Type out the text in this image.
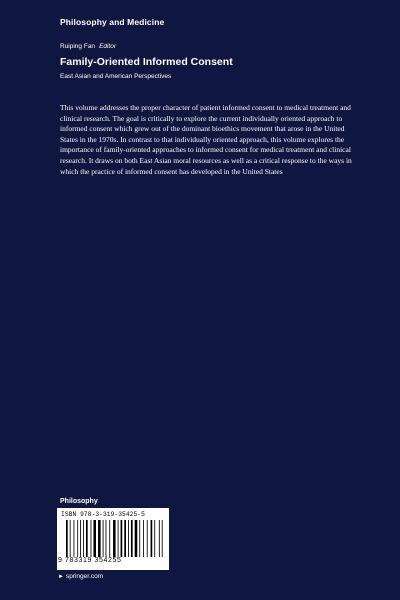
Philosophy and Medicine
Ruiping Fan Editor
Family-Oriented Informed Consent
East Asian and American Perspectives

This volume addresses the proper character of patient informed consent to medical treatment and clinical research. The goal is critically to explore the current individually oriented approach to informed consent which grew out of the dominant bioethics movement that arose in the United States in the 1970s. In contrast to that individually oriented approach, this volume explores the importance of family-oriented approaches to informed consent for medical treatment and clinical research. It draws on both East Asian moral resources as well as a critical response to the ways in which the practice of informed consent has developed in the United States

Philosophy
ISBN 978-3-319-35425-5
9 783319 354255
► springer.com
